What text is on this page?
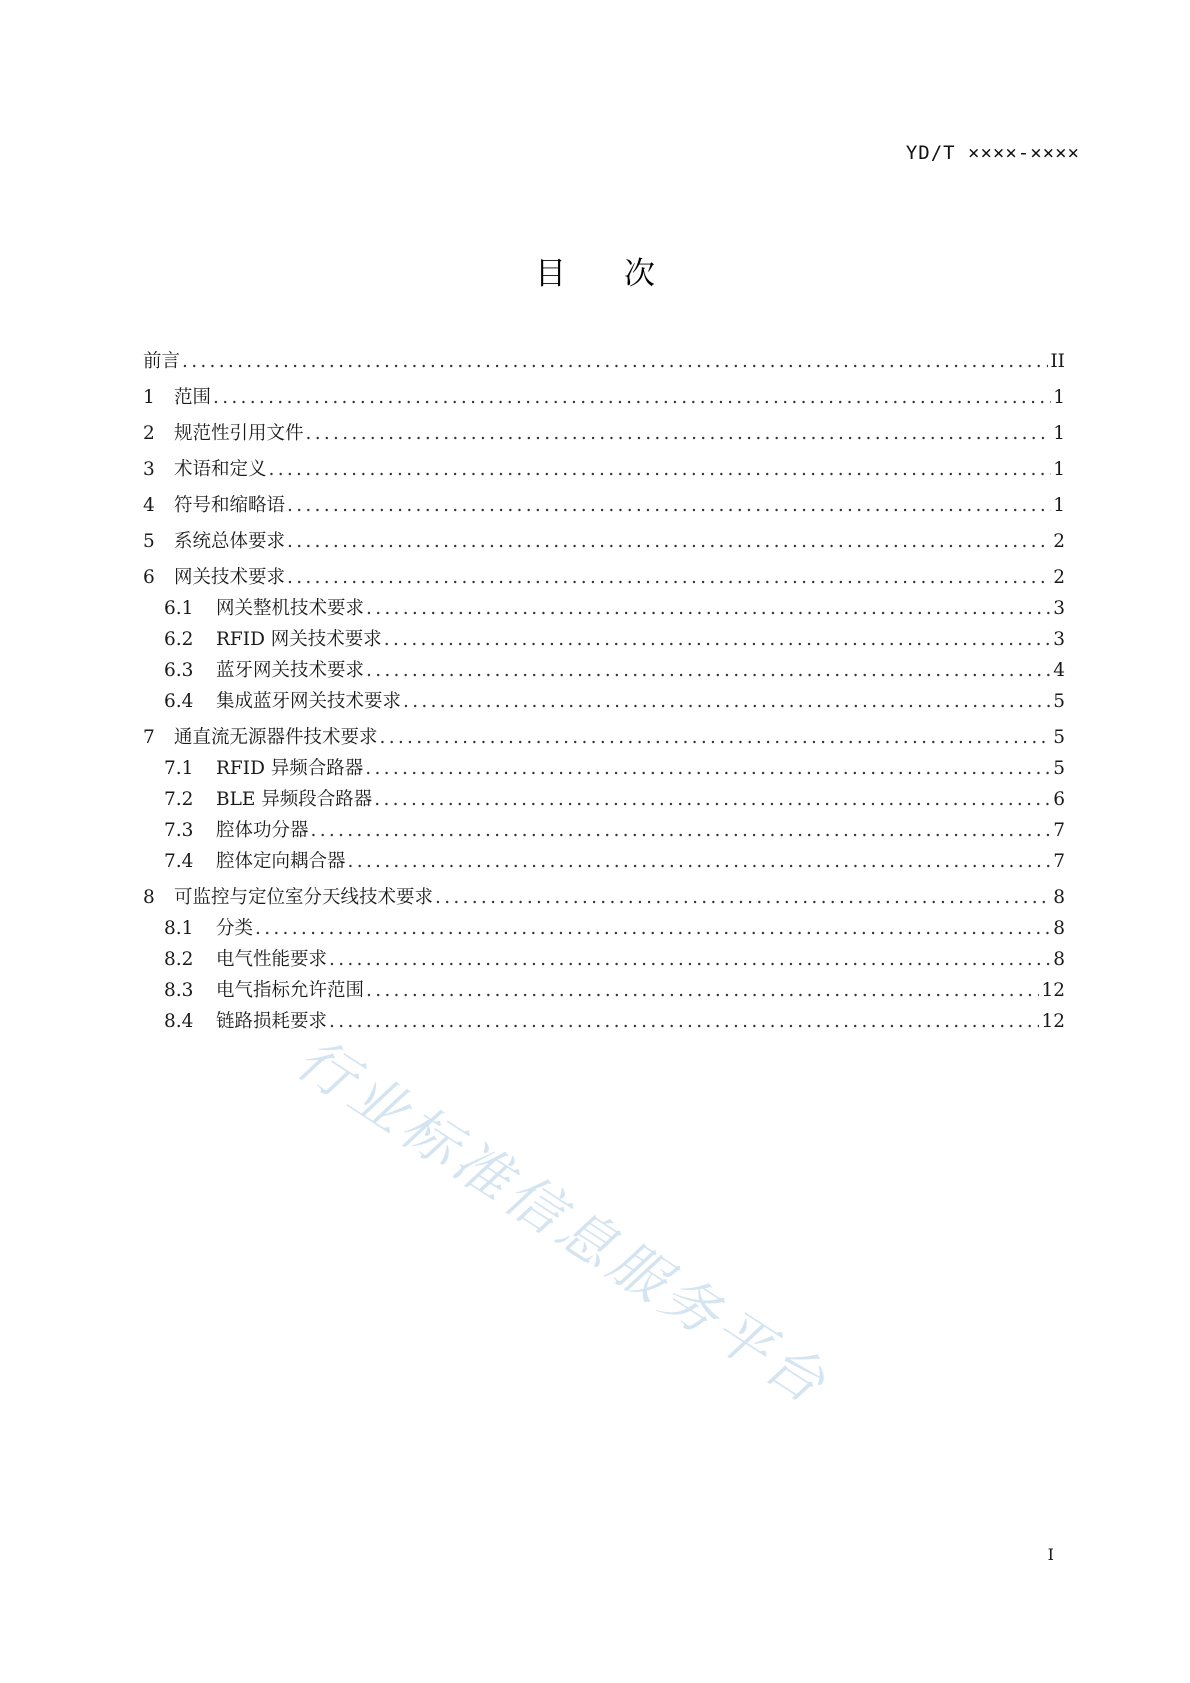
YD/T ××××-××××
目次
前言 .....	II
1	范围 .....	1
2	规范性引用文件 .....	1
3	术语和定义 .....	1
4	符号和缩略语 .....	1
5	系统总体要求 .....	2
6	网关技术要求 .....	2
6.1	网关整机技术要求 .....	3
6.2	RFID 网关技术要求 .....	3
6.3	蓝牙网关技术要求 .....	4
6.4	集成蓝牙网关技术要求 .....	5
7	通直流无源器件技术要求 .....	5
7.1	RFID 异频合路器 .....	5
7.2	BLE 异频段合路器 .....	6
7.3	腔体功分器 .....	7
7.4	腔体定向耦合器 .....	7
8	可监控与定位室分天线技术要求 .....	8
8.1	分类 .....	8
8.2	电气性能要求 .....	8
8.3	电气指标允许范围 .....	12
8.4	链路损耗要求 .....	12
I
行业标准信息服务平台
